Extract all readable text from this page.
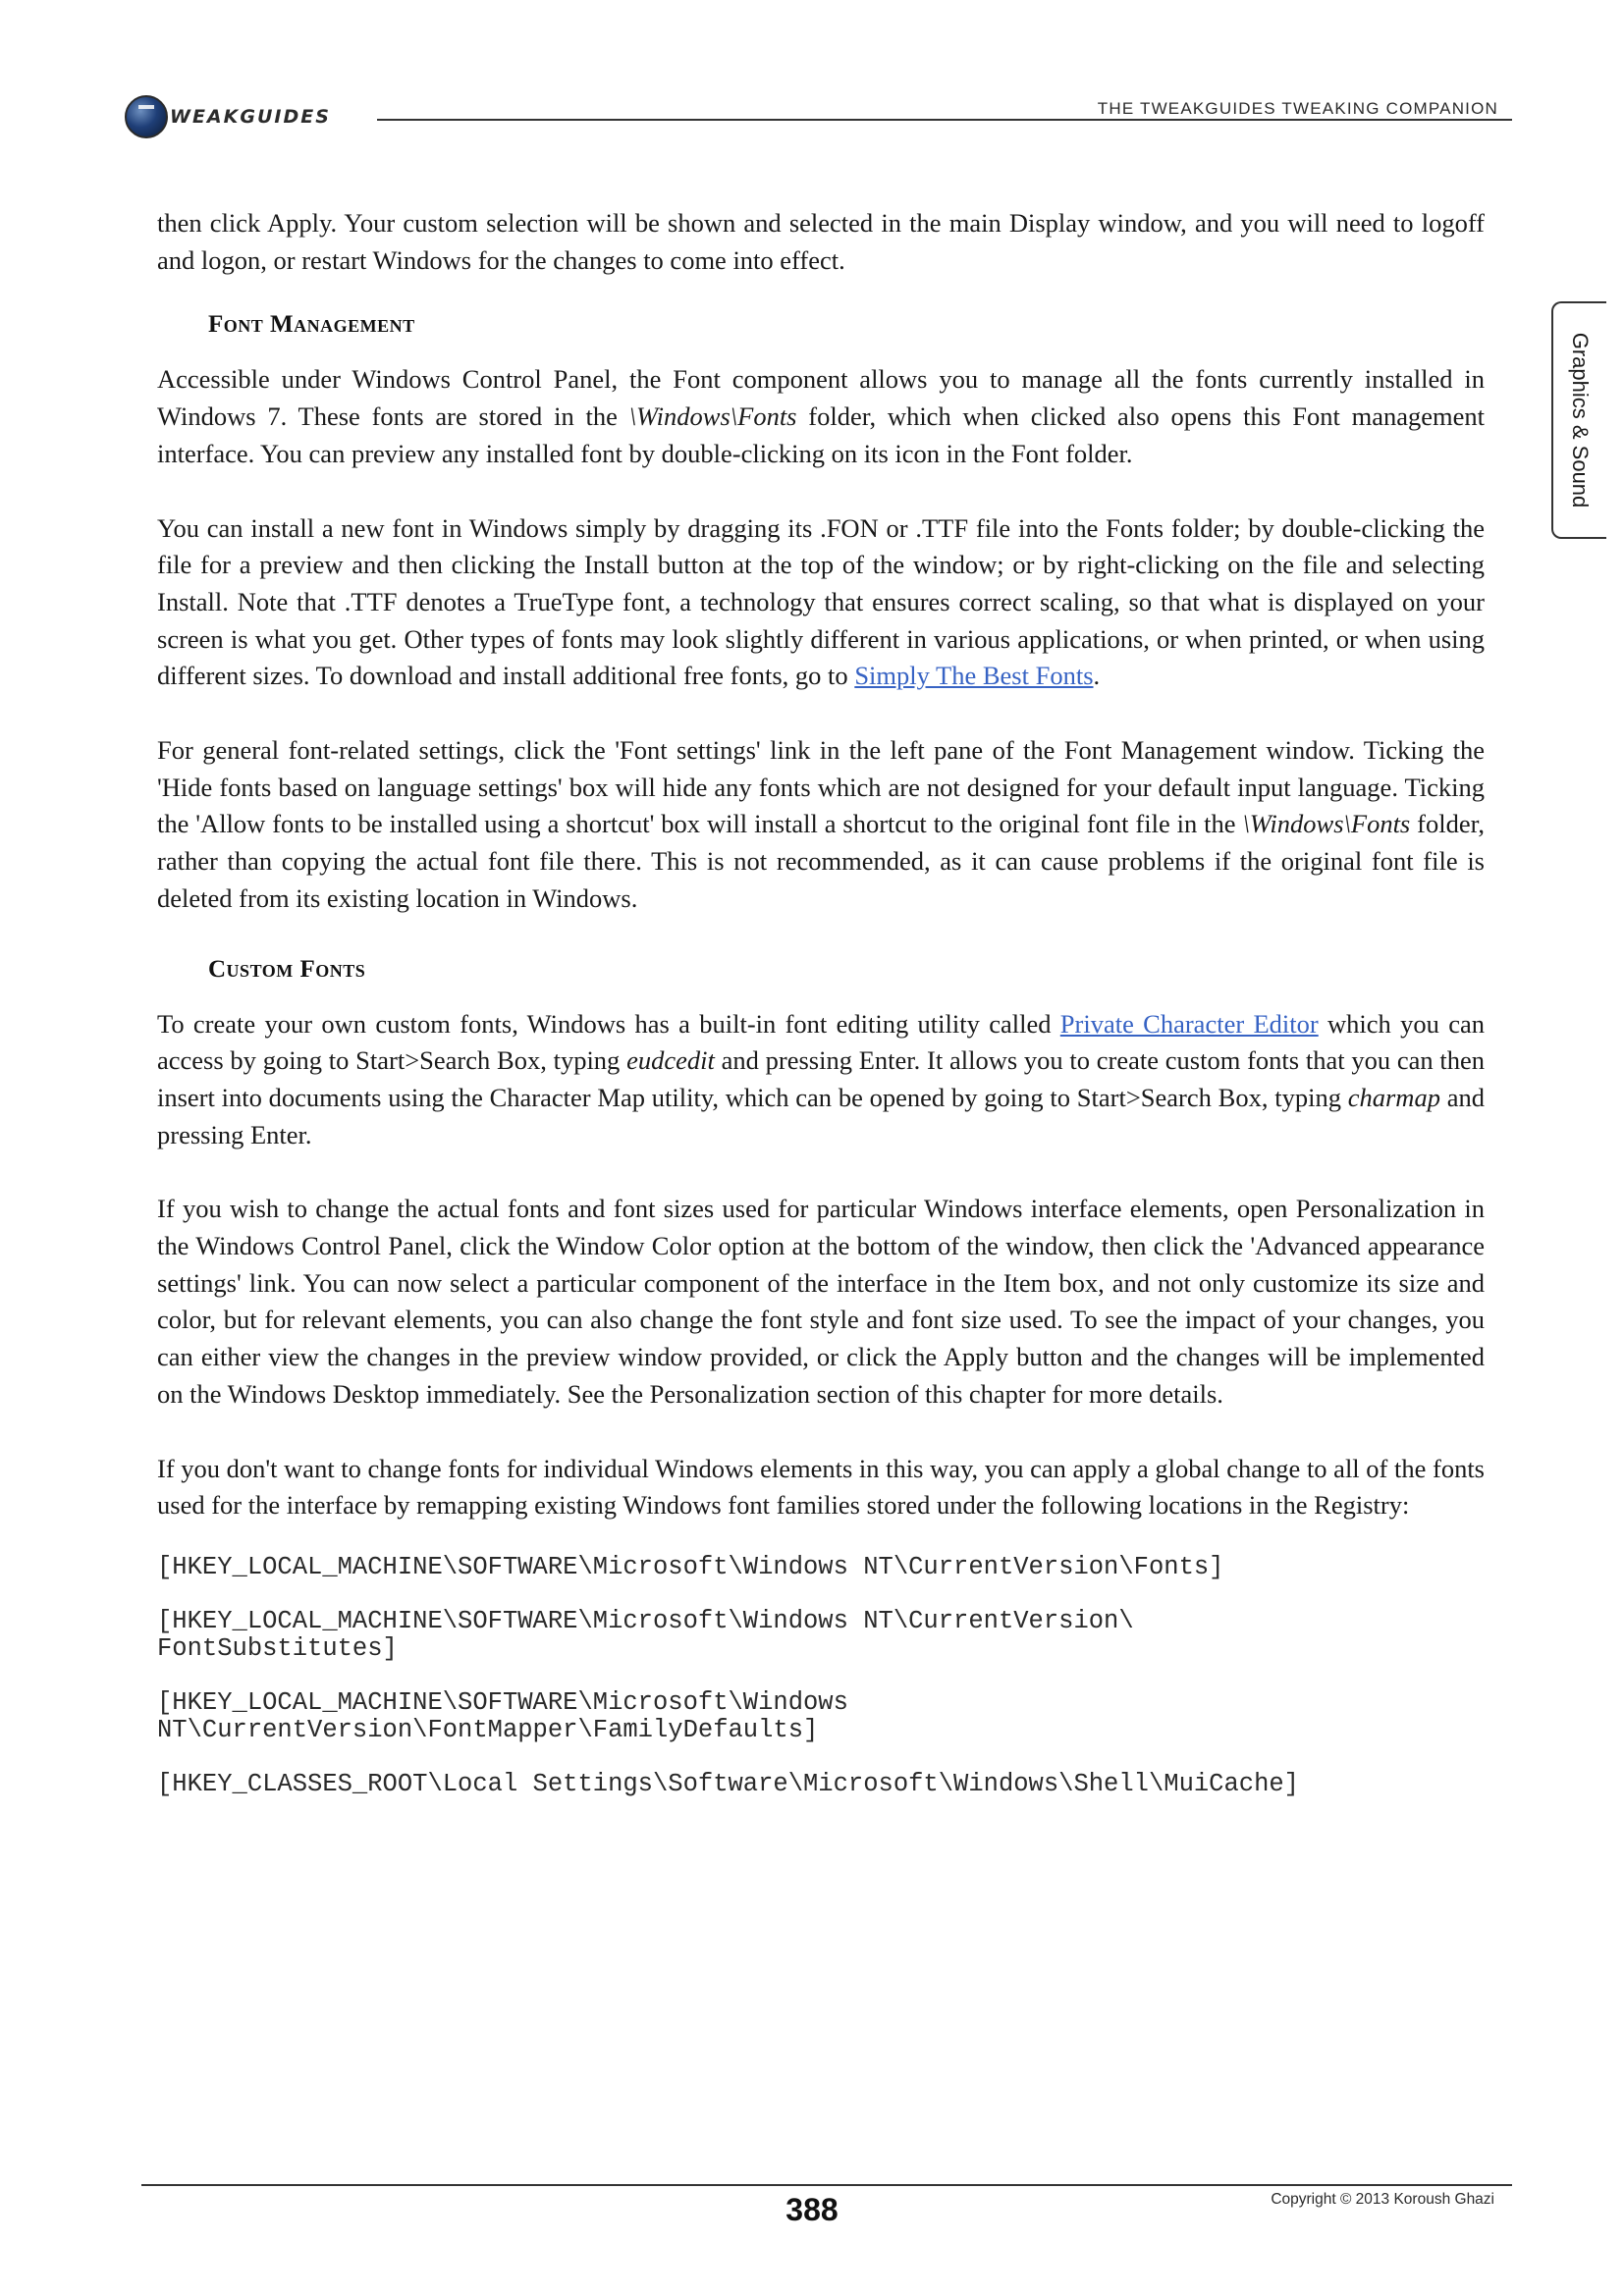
WEAKGUIDES	THE TWEAKGUIDES TWEAKING COMPANION
Graphics & Sound

then click Apply. Your custom selection will be shown and selected in the main Display window, and you will need to logoff and logon, or restart Windows for the changes to come into effect.

Font Management

Accessible under Windows Control Panel, the Font component allows you to manage all the fonts currently installed in Windows 7. These fonts are stored in the \Windows\Fonts folder, which when clicked also opens this Font management interface. You can preview any installed font by double-clicking on its icon in the Font folder.

You can install a new font in Windows simply by dragging its .FON or .TTF file into the Fonts folder; by double-clicking the file for a preview and then clicking the Install button at the top of the window; or by right-clicking on the file and selecting Install. Note that .TTF denotes a TrueType font, a technology that ensures correct scaling, so that what is displayed on your screen is what you get. Other types of fonts may look slightly different in various applications, or when printed, or when using different sizes. To download and install additional free fonts, go to Simply The Best Fonts.

For general font-related settings, click the 'Font settings' link in the left pane of the Font Management window. Ticking the 'Hide fonts based on language settings' box will hide any fonts which are not designed for your default input language. Ticking the 'Allow fonts to be installed using a shortcut' box will install a shortcut to the original font file in the \Windows\Fonts folder, rather than copying the actual font file there. This is not recommended, as it can cause problems if the original font file is deleted from its existing location in Windows.

Custom Fonts

To create your own custom fonts, Windows has a built-in font editing utility called Private Character Editor which you can access by going to Start>Search Box, typing eudcedit and pressing Enter. It allows you to create custom fonts that you can then insert into documents using the Character Map utility, which can be opened by going to Start>Search Box, typing charmap and pressing Enter.

If you wish to change the actual fonts and font sizes used for particular Windows interface elements, open Personalization in the Windows Control Panel, click the Window Color option at the bottom of the window, then click the 'Advanced appearance settings' link. You can now select a particular component of the interface in the Item box, and not only customize its size and color, but for relevant elements, you can also change the font style and font size used. To see the impact of your changes, you can either view the changes in the preview window provided, or click the Apply button and the changes will be implemented on the Windows Desktop immediately. See the Personalization section of this chapter for more details.

If you don't want to change fonts for individual Windows elements in this way, you can apply a global change to all of the fonts used for the interface by remapping existing Windows font families stored under the following locations in the Registry:

[HKEY_LOCAL_MACHINE\SOFTWARE\Microsoft\Windows NT\CurrentVersion\Fonts]
[HKEY_LOCAL_MACHINE\SOFTWARE\Microsoft\Windows NT\CurrentVersion\
FontSubstitutes]
[HKEY_LOCAL_MACHINE\SOFTWARE\Microsoft\Windows
NT\CurrentVersion\FontMapper\FamilyDefaults]
[HKEY_CLASSES_ROOT\Local Settings\Software\Microsoft\Windows\Shell\MuiCache]
388	Copyright © 2013 Koroush Ghazi
